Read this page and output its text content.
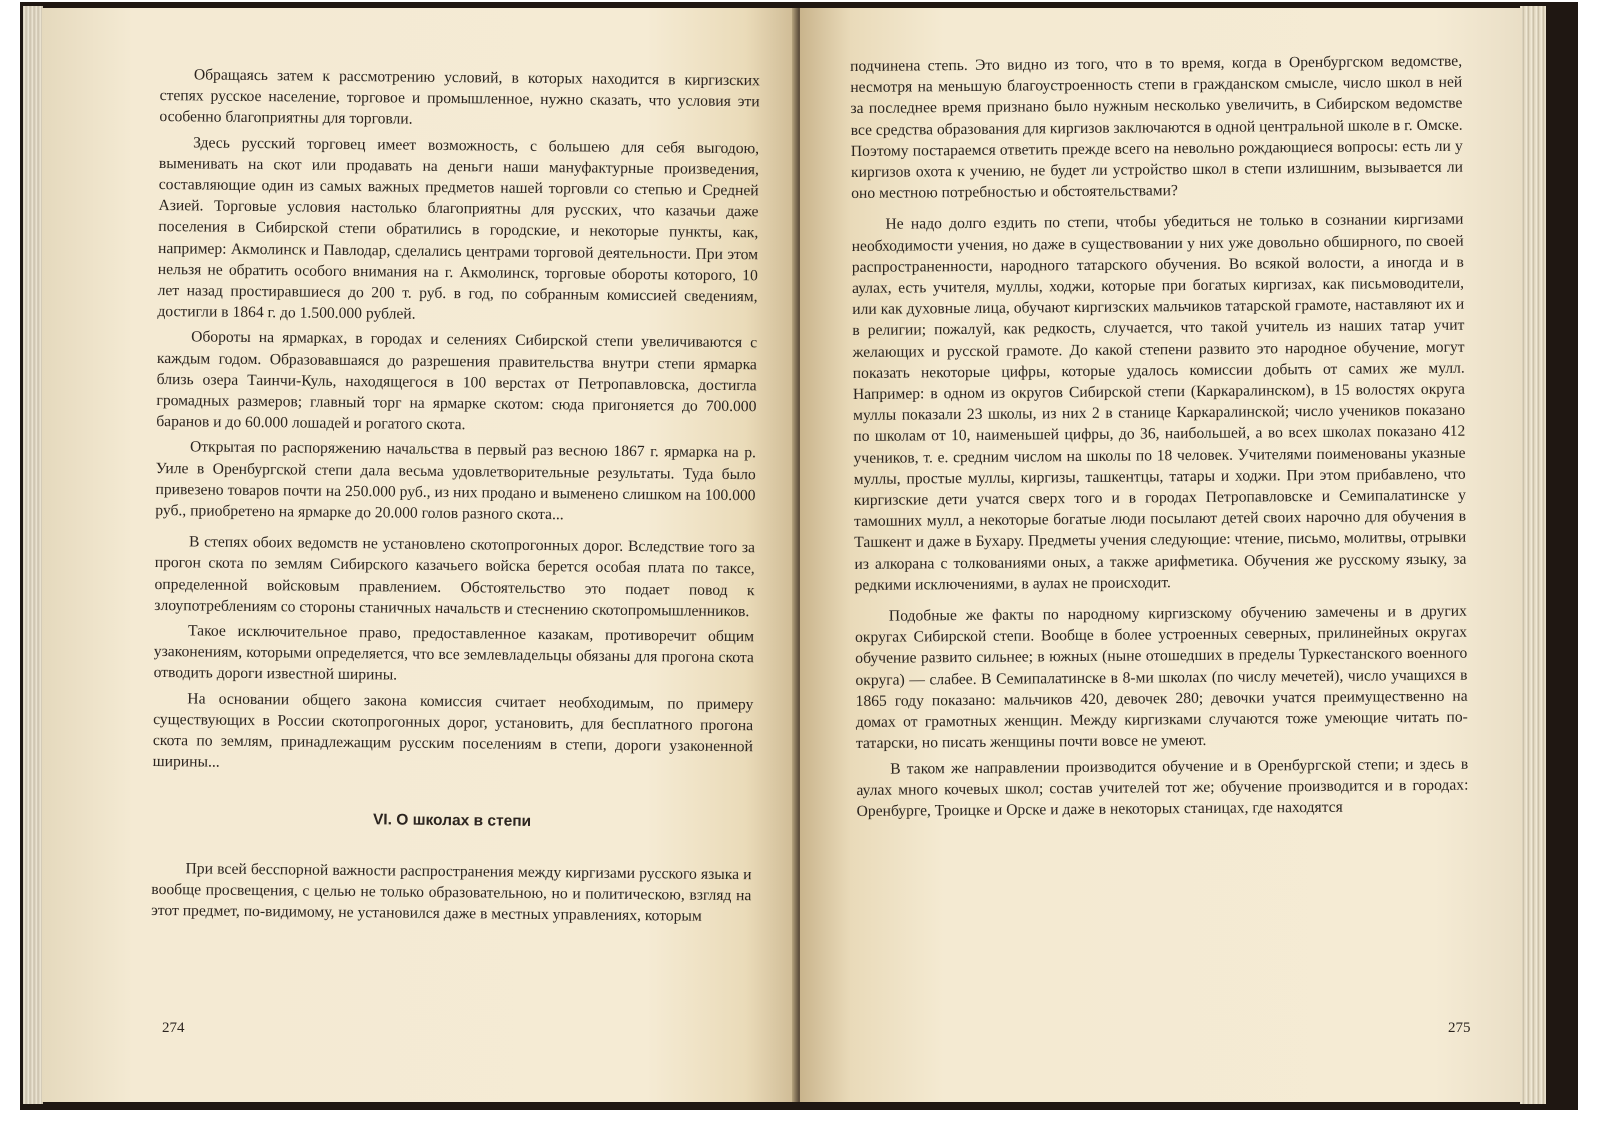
Обращаясь затем к рассмотрению условий, в которых находится в киргизских степях русское население, торговое и промышленное, нужно сказать, что условия эти особенно благоприятны для торговли.

Здесь русский торговец имеет возможность, с большею для себя выгодою, выменивать на скот или продавать на деньги наши мануфактурные произведения, составляющие один из самых важных предметов нашей торговли со степью и Средней Азией. Торговые условия настолько благоприятны для русских, что казачьи даже поселения в Сибирской степи обратились в городские, и некоторые пункты, как, например: Акмолинск и Павлодар, сделались центрами торговой деятельности. При этом нельзя не обратить особого внимания на г. Акмолинск, торговые обороты которого, 10 лет назад простиравшиеся до 200 т. руб. в год, по собранным комиссией сведениям, достигли в 1864 г. до 1.500.000 рублей.

Обороты на ярмарках, в городах и селениях Сибирской степи увеличиваются с каждым годом. Образовавшаяся до разрешения правительства внутри степи ярмарка близь озера Таинчи-Куль, находящегося в 100 верстах от Петропавловска, достигла громадных размеров; главный торг на ярмарке скотом: сюда пригоняется до 700.000 баранов и до 60.000 лошадей и рогатого скота.

Открытая по распоряжению начальства в первый раз весною 1867 г. ярмарка на р. Уиле в Оренбургской степи дала весьма удовлетворительные результаты. Туда было привезено товаров почти на 250.000 руб., из них продано и выменено слишком на 100.000 руб., приобретено на ярмарке до 20.000 голов разного скота...

В степях обоих ведомств не установлено скотопрогонных дорог. Вследствие того за прогон скота по землям Сибирского казачьего войска берется особая плата по таксе, определенной войсковым правлением. Обстоятельство это подает повод к злоупотреблениям со стороны станичных начальств и стеснению скотопромышленников.

Такое исключительное право, предоставленное казакам, противоречит общим узаконениям, которыми определяется, что все землевладельцы обязаны для прогона скота отводить дороги известной ширины.

На основании общего закона комиссия считает необходимым, по примеру существующих в России скотопрогонных дорог, установить, для бесплатного прогона скота по землям, принадлежащим русским поселениям в степи, дороги узаконенной ширины...

VI. О школах в степи

При всей бесспорной важности распространения между киргизами русского языка и вообще просвещения, с целью не только образовательною, но и политическою, взгляд на этот предмет, по-видимому, не установился даже в местных управлениях, которым

274

подчинена степь. Это видно из того, что в то время, когда в Оренбургском ведомстве, несмотря на меньшую благоустроенность степи в гражданском смысле, число школ в ней за последнее время признано было нужным несколько увеличить, в Сибирском ведомстве все средства образования для киргизов заключаются в одной центральной школе в г. Омске. Поэтому постараемся ответить прежде всего на невольно рождающиеся вопросы: есть ли у киргизов охота к учению, не будет ли устройство школ в степи излишним, вызывается ли оно местною потребностью и обстоятельствами?

Не надо долго ездить по степи, чтобы убедиться не только в сознании киргизами необходимости учения, но даже в существовании у них уже довольно обширного, по своей распространенности, народного татарского обучения. Во всякой волости, а иногда и в аулах, есть учителя, муллы, ходжи, которые при богатых киргизах, как письмоводители, или как духовные лица, обучают киргизских мальчиков татарской грамоте, наставляют их и в религии; пожалуй, как редкость, случается, что такой учитель из наших татар учит желающих и русской грамоте. До какой степени развито это народное обучение, могут показать некоторые цифры, которые удалось комиссии добыть от самих же мулл. Например: в одном из округов Сибирской степи (Каркаралинском), в 15 волостях округа муллы показали 23 школы, из них 2 в станице Каркаралинской; число учеников показано по школам от 10, наименьшей цифры, до 36, наибольшей, а во всех школах показано 412 учеников, т. е. средним числом на школы по 18 человек. Учителями поименованы указные муллы, простые муллы, киргизы, ташкентцы, татары и ходжи. При этом прибавлено, что киргизские дети учатся сверх того и в городах Петропавловске и Семипалатинске у тамошних мулл, а некоторые богатые люди посылают детей своих нарочно для обучения в Ташкент и даже в Бухару. Предметы учения следующие: чтение, письмо, молитвы, отрывки из алкорана с толкованиями оных, а также арифметика. Обучения же русскому языку, за редкими исключениями, в аулах не происходит.

Подобные же факты по народному киргизскому обучению замечены и в других округах Сибирской степи. Вообще в более устроенных северных, прилинейных округах обучение развито сильнее; в южных (ныне отошедших в пределы Туркестанского военного округа) — слабее. В Семипалатинске в 8-ми школах (по числу мечетей), число учащихся в 1865 году показано: мальчиков 420, девочек 280; девочки учатся преимущественно на домах от грамотных женщин. Между киргизками случаются тоже умеющие читать по-татарски, но писать женщины почти вовсе не умеют.

В таком же направлении производится обучение и в Оренбургской степи; и здесь в аулах много кочевых школ; состав учителей тот же; обучение производится и в городах: Оренбурге, Троицке и Орске и даже в некоторых станицах, где находятся

275
